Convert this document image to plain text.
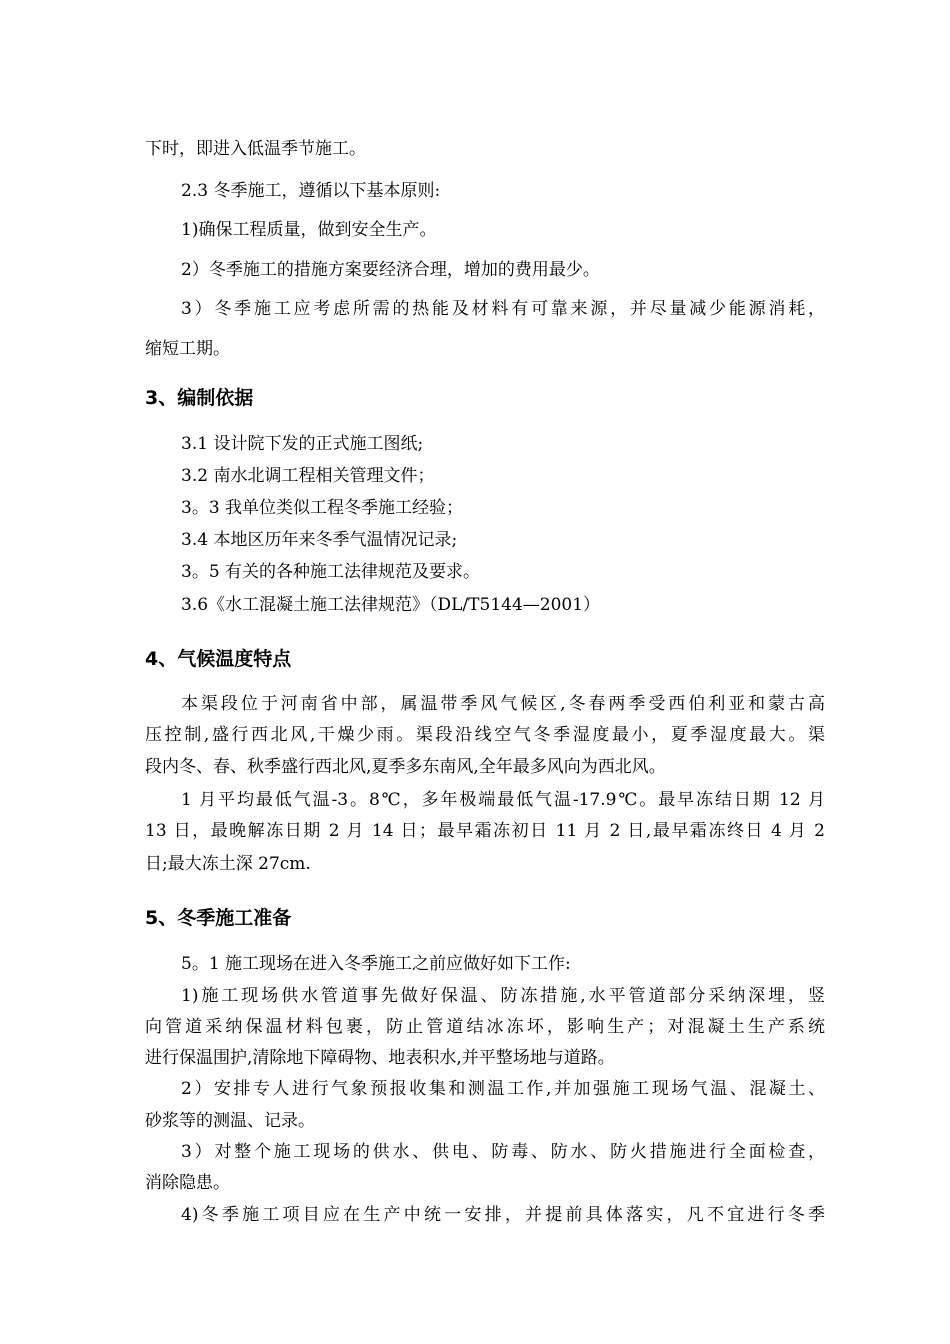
下时，即进入低温季节施工。
2.3 冬季施工，遵循以下基本原则:
1)确保工程质量，做到安全生产。
2）冬季施工的措施方案要经济合理，增加的费用最少。
3）冬季施工应考虑所需的热能及材料有可靠来源，并尽量减少能源消耗，
缩短工期。
3、编制依据
3.1 设计院下发的正式施工图纸;
3.2 南水北调工程相关管理文件；
3。3 我单位类似工程冬季施工经验；
3.4 本地区历年来冬季气温情况记录;
3。5 有关的各种施工法律规范及要求。
3.6《水工混凝土施工法律规范》（DL/T5144—2001）
4、气候温度特点
本渠段位于河南省中部，属温带季风气候区,冬春两季受西伯利亚和蒙古高
压控制,盛行西北风,干燥少雨。渠段沿线空气冬季湿度最小，夏季湿度最大。渠
段内冬、春、秋季盛行西北风,夏季多东南风,全年最多风向为西北风。
1 月平均最低气温-3。8℃，多年极端最低气温-17.9℃。最早冻结日期 12 月
13 日，最晚解冻日期 2 月 14 日；最早霜冻初日 11 月 2 日,最早霜冻终日 4 月 2
日;最大冻土深 27cm.
5、冬季施工准备
5。1 施工现场在进入冬季施工之前应做好如下工作:
1)施工现场供水管道事先做好保温、防冻措施,水平管道部分采纳深埋，竖
向管道采纳保温材料包裹，防止管道结冰冻坏，影响生产；对混凝土生产系统
进行保温围护,清除地下障碍物、地表积水,并平整场地与道路。
2）安排专人进行气象预报收集和测温工作,并加强施工现场气温、混凝土、
砂浆等的测温、记录。
3）对整个施工现场的供水、供电、防毒、防水、防火措施进行全面检查，
消除隐患。
4)冬季施工项目应在生产中统一安排，并提前具体落实，凡不宜进行冬季
